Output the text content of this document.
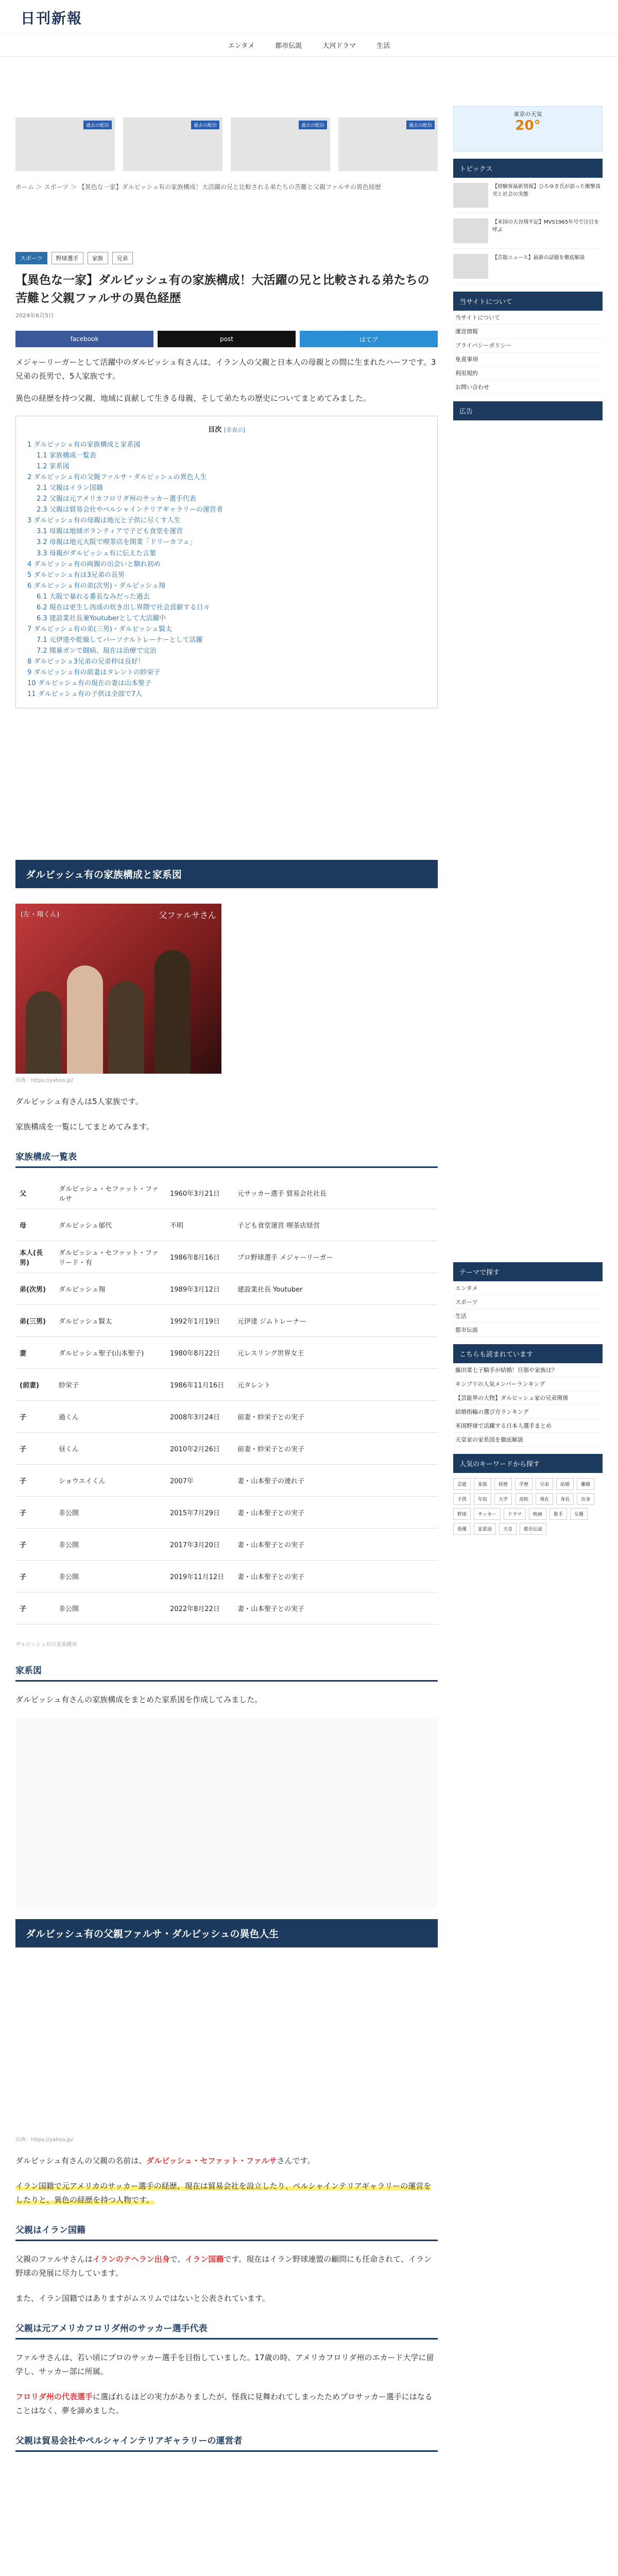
日刊新報
エンタメ	都市伝説	大河ドラマ	生活
過去の配信	過去の配信	過去の配信	過去の配信
ホーム ＞ スポーツ ＞ 【異色な一家】ダルビッシュ有の家族構成！大活躍の兄と比較される弟たちの苦難と父親ファルサの異色経歴
スポーツ	野球選手	家族	兄弟
【異色な一家】ダルビッシュ有の家族構成！大活躍の兄と比較される弟たちの苦難と父親ファルサの異色経歴
2024年6月5日
facebook	post	はてブ

メジャーリーガーとして活躍中のダルビッシュ有さんは、イラン人の父親と日本人の母親との間に生まれたハーフです。3兄弟の長男で、5人家族です。

異色の経歴を持つ父親、地域に貢献して生きる母親、そして弟たちの歴史についてまとめてみました。

目次 [非表示]
1 ダルビッシュ有の家族構成と家系図
1.1 家族構成一覧表
1.2 家系図
2 ダルビッシュ有の父親ファルサ・ダルビッシュの異色人生
2.1 父親はイラン国籍
2.2 父親は元アメリカフロリダ州のサッカー選手代表
2.3 父親は貿易会社やペルシャインテリアギャラリーの運営者
3 ダルビッシュ有の母親は地元と子供に尽くす人生
3.1 母親は地域ボランティアで子ども食堂を運営
3.2 母親は地元大阪で喫茶店を開業「ドリーカフェ」
3.3 母親がダルビッシュ有に伝えた言葉
4 ダルビッシュ有の両親の出会いと馴れ初め
5 ダルビッシュ有は3兄弟の長男
6 ダルビッシュ有の弟(次男)・ダルビッシュ翔
6.1 大阪で暴れる番長なみだった過去
6.2 現在は更生し西成の炊き出し界隈で社会貢献する日々
6.3 建設業社長兼Youtuberとして大活躍中
7 ダルビッシュ有の弟(三男)・ダルビッシュ賢太
7.1 元伊達や乾燥してパーソナルトレーナーとして活躍
7.2 聞暴ガンで闘病、現在は治療で完治
8 ダルビッシュ3兄弟の兄弟仲は良好！
9 ダルビッシュ有の前妻はタレントの紗栄子
10 ダルビッシュ有の現在の妻は山本聖子
11 ダルビッシュ有の子供は全部で7人
ダルビッシュ有の家族構成と家系図
(左・翔くん)	父ファルサさん
出典：https://yahoo.jp/
ダルビッシュ有さんは5人家族です。
家族構成を一覧にしてまとめてみます。
家族構成一覧表
父	ダルビッシュ・セファット・ファルサ	1960年3月21日	元サッカー選手 貿易会社社長
母	ダルビッシュ郁代	不明	子ども食堂運営 喫茶店経営
本人(長男)	ダルビッシュ・セファット・ファリード・有	1986年8月16日	プロ野球選手 メジャーリーガー
弟(次男)	ダルビッシュ翔	1989年3月12日	建設業社長 Youtuber
弟(三男)	ダルビッシュ賢太	1992年1月19日	元伊達 ジムトレーナー
妻	ダルビッシュ聖子(山本聖子)	1980年8月22日	元レスリング世界女王
(前妻)	紗栄子	1986年11月16日	元タレント
子	過くん	2008年3月24日	前妻・紗栄子との実子
子	昼くん	2010年2月26日	前妻・紗栄子との実子
子	ショウエイくん	2007年	妻・山本聖子の連れ子
子	非公開	2015年7月29日	妻・山本聖子との実子
子	非公開	2017年3月20日	妻・山本聖子との実子
子	非公開	2019年11月12日	妻・山本聖子との実子
子	非公開	2022年8月22日	妻・山本聖子との実子
ダルビッシュ有の家族構成
家系図
ダルビッシュ有さんの家族構成をまとめた家系図を作成してみました。
ダルビッシュ有の父親ファルサ・ダルビッシュの異色人生
出典：https://yahoo.jp/
ダルビッシュ有さんの父親の名前は、ダルビッシュ・セファット・ファルサさんです。
イラン国籍で元アメリカのサッカー選手の経歴、現在は貿易会社を設立したり、ペルシャインテリアギャラリーの運営をしたりと、異色の経歴を持つ人物です。
父親はイラン国籍
父親のファルサさんはイランのテヘラン出身で、イラン国籍です。現在はイラン野球連盟の顧問にも任命されて、イラン野球の発展に尽力しています。
また、イラン国籍ではありますがムスリムではないと公表されています。
父親は元アメリカフロリダ州のサッカー選手代表
ファルサさんは、若い頃にプロのサッカー選手を目指していました。17歳の時、アメリカフロリダ州のエカード大学に留学し、サッカー部に所属。
フロリダ州の代表選手に選ばれるほどの実力がありましたが、怪我に見舞われてしまったためプロサッカー選手にはなることはなく、夢を諦めました。
父親は貿易会社やペルシャインテリアギャラリーの運営者
東京の天気
20°
トピックス
【経験客最新情報】ひろゆき氏が語った衝撃真実と社会の実態
【米国の大谷翔平記】MVS1965年号で注目を呼ぶ
【芸能ニュース】最新の話題を徹底解説
当サイトについて
当サイトについて
運営情報
プライバシーポリシー
免責事項
利用規約
お問い合わせ
広告
テーマで探す
エンタメ
スポーツ
生活
都市伝説
こちらも読まれています
藤田菜七子騎手が結婚！旦那や家族は？
キンプリの人気メンバーランキング
【芸能界の大物】ダルビッシュ家の兄弟関係
結婚指輪の選び方ランキング
米国野球で活躍する日本人選手まとめ
天皇家の家系図を徹底解説
人気のキーワードから探す
芸能	家族	経歴	学歴	兄弟	結婚	離婚
子供	年収	大学	高校	現在	身長	出身
野球	サッカー	ドラマ	映画	歌手	女優
俳優	家系図	天皇	都市伝説
